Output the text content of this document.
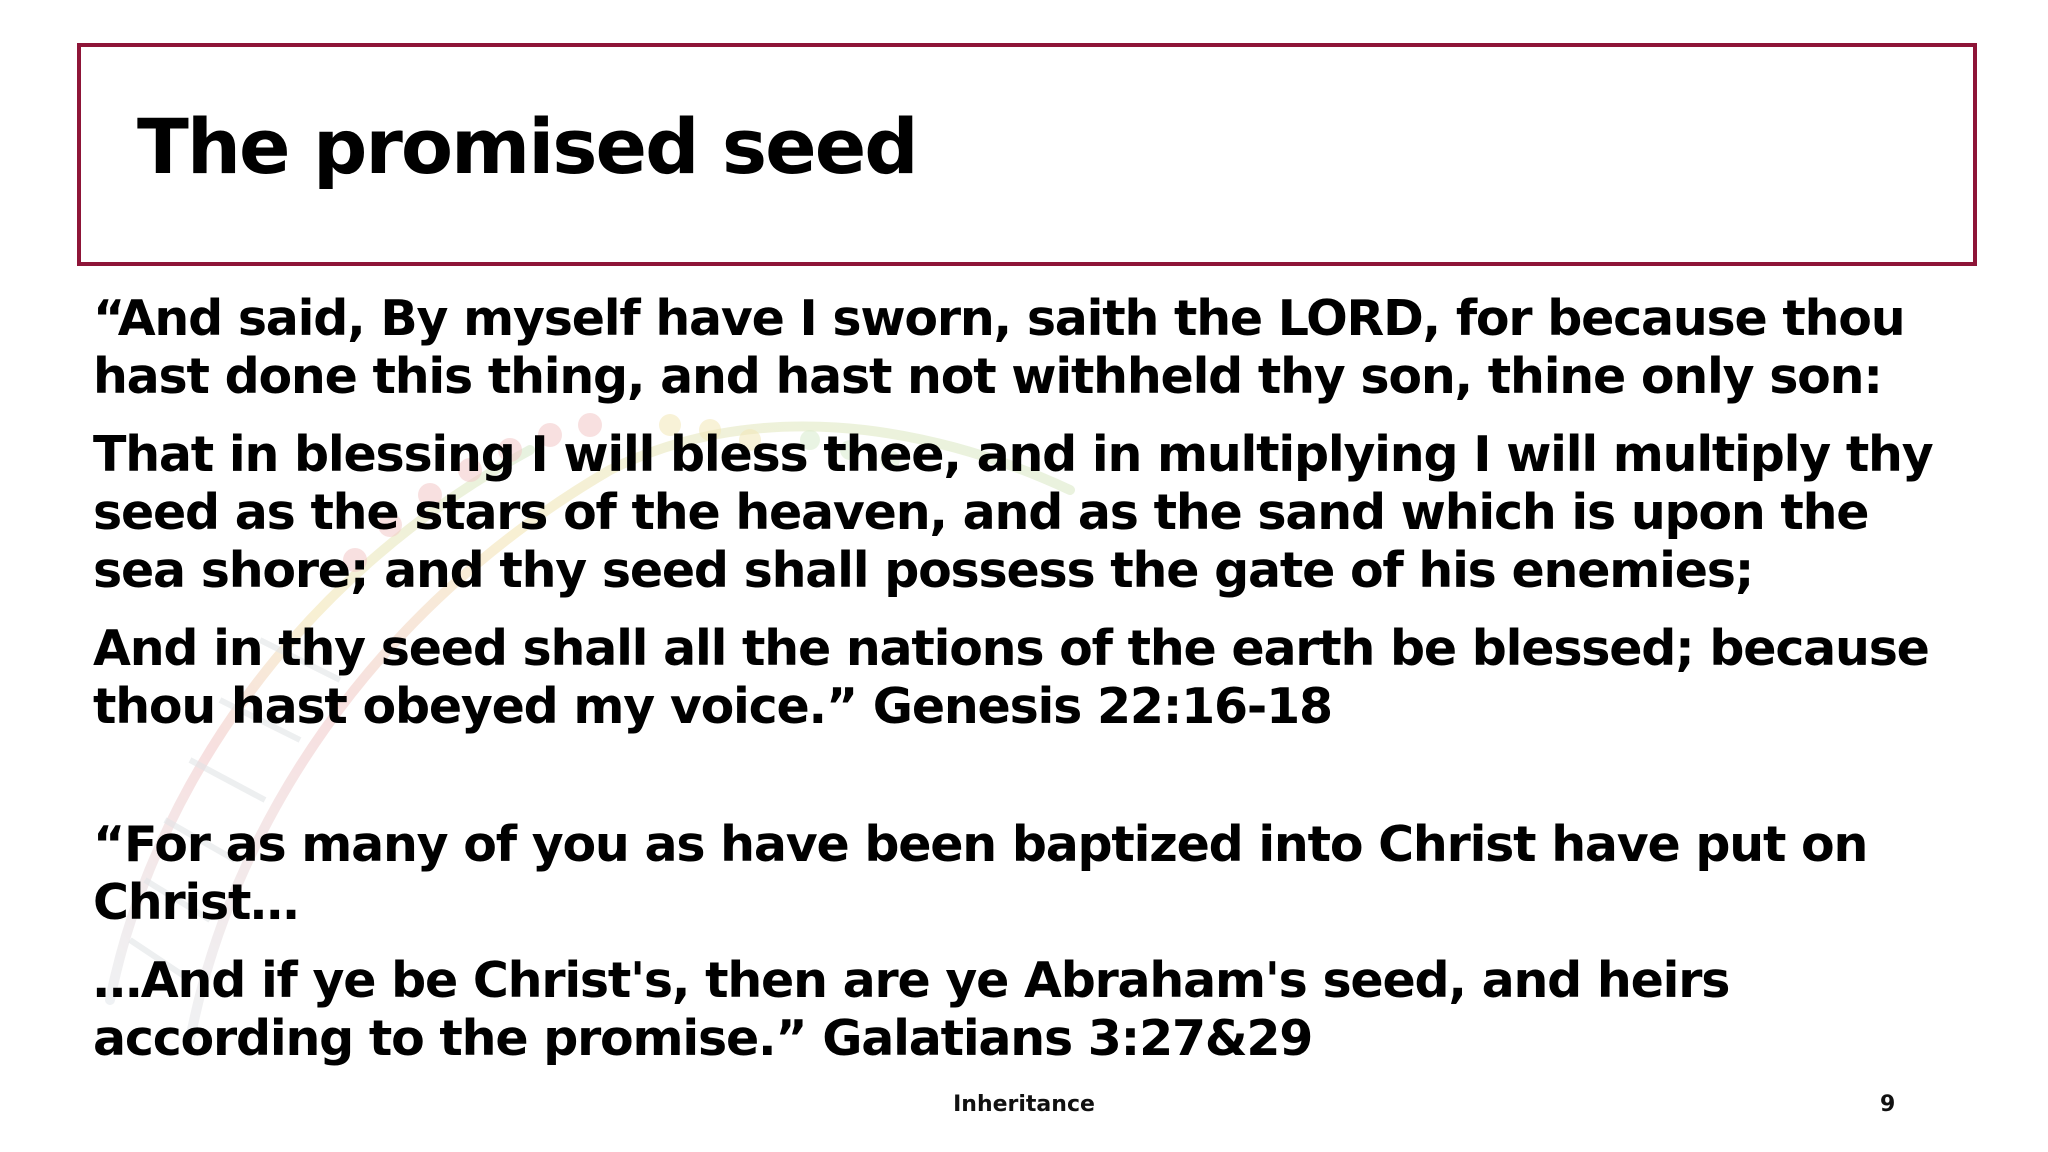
The promised seed

“And said, By myself have I sworn, saith the LORD, for because thou hast done this thing, and hast not withheld thy son, thine only son:

That in blessing I will bless thee, and in multiplying I will multiply thy seed as the stars of the heaven, and as the sand which is upon the sea shore; and thy seed shall possess the gate of his enemies;

And in thy seed shall all the nations of the earth be blessed; because thou hast obeyed my voice.” Genesis 22:16-18

“For as many of you as have been baptized into Christ have put on Christ…

…And if ye be Christ's, then are ye Abraham's seed, and heirs according to the promise.” Galatians 3:27&29

Inheritance	9
